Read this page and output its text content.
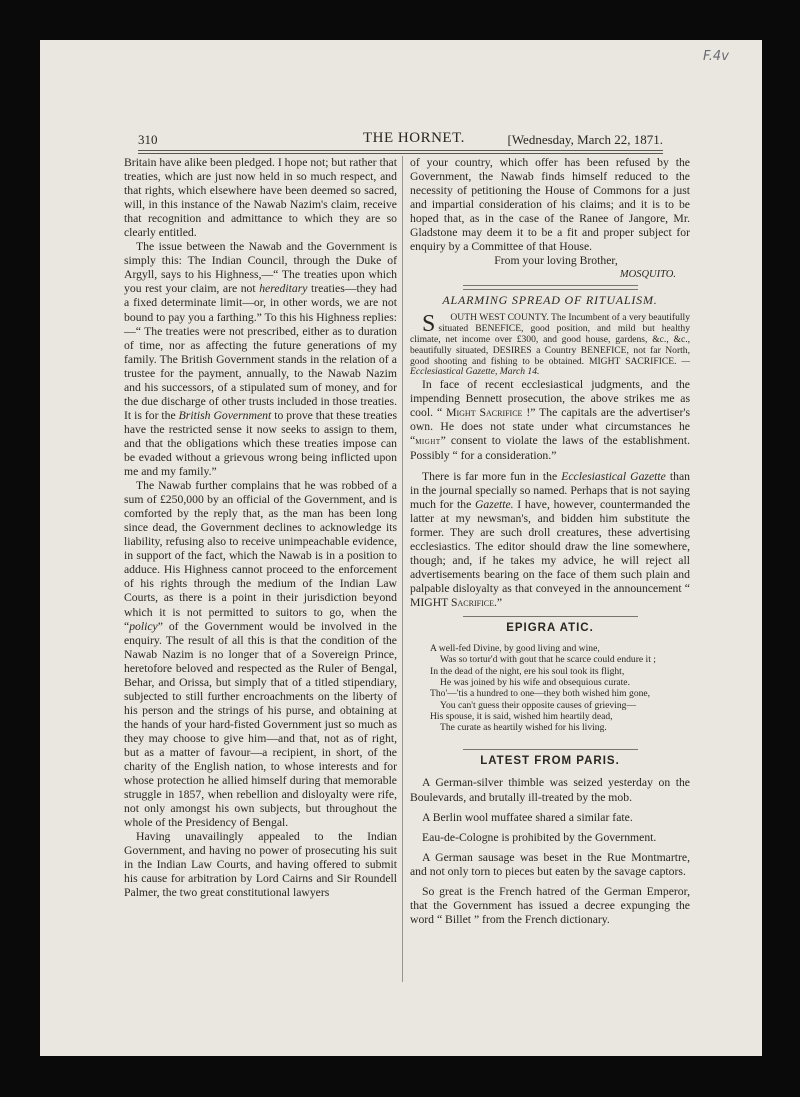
F.4v
310	THE HORNET.	[Wednesday, March 22, 1871.

Britain have alike been pledged. I hope not; but rather that treaties, which are just now held in so much respect, and that rights, which elsewhere have been deemed so sacred, will, in this instance of the Nawab Nazim's claim, receive that recognition and admittance to which they are so clearly entitled.

The issue between the Nawab and the Government is simply this: The Indian Council, through the Duke of Argyll, says to his Highness,—“ The treaties upon which you rest your claim, are not hereditary treaties—they had a fixed determinate limit—or, in other words, we are not bound to pay you a farthing.” To this his Highness replies:—“ The treaties were not prescribed, either as to duration of time, nor as affecting the future generations of my family. The British Government stands in the relation of a trustee for the payment, annually, to the Nawab Nazim and his successors, of a stipulated sum of money, and for the due discharge of other trusts included in those treaties. It is for the British Government to prove that these treaties have the restricted sense it now seeks to assign to them, and that the obligations which these treaties impose can be evaded without a grievous wrong being inflicted upon me and my family.”

The Nawab further complains that he was robbed of a sum of £250,000 by an official of the Government, and is comforted by the reply that, as the man has been long since dead, the Government declines to acknowledge its liability, refusing also to receive unimpeachable evidence, in support of the fact, which the Nawab is in a position to adduce. His Highness cannot proceed to the enforcement of his rights through the medium of the Indian Law Courts, as there is a point in their jurisdiction beyond which it is not permitted to suitors to go, when the “policy” of the Government would be involved in the enquiry. The result of all this is that the condition of the Nawab Nazim is no longer that of a Sovereign Prince, heretofore beloved and respected as the Ruler of Bengal, Behar, and Orissa, but simply that of a titled stipendiary, subjected to still further encroachments on the liberty of his person and the strings of his purse, and obtaining at the hands of your hard-fisted Government just so much as they may choose to give him—and that, not as of right, but as a matter of favour—a recipient, in short, of the charity of the English nation, to whose interests and for whose protection he allied himself during that memorable struggle in 1857, when rebellion and disloyalty were rife, not only amongst his own subjects, but throughout the whole of the Presidency of Bengal.

Having unavailingly appealed to the Indian Government, and having no power of prosecuting his suit in the Indian Law Courts, and having offered to submit his cause for arbitration by Lord Cairns and Sir Roundell Palmer, the two great constitutional lawyers

of your country, which offer has been refused by the Government, the Nawab finds himself reduced to the necessity of petitioning the House of Commons for a just and impartial consideration of his claims; and it is to be hoped that, as in the case of the Ranee of Jangore, Mr. Gladstone may deem it to be a fit and proper subject for enquiry by a Committee of that House.

From your loving Brother,

MOSQUITO.

ALARMING SPREAD OF RITUALISM.

S OUTH WEST COUNTY. The Incumbent of a very beautifully situated BENEFICE, good position, and mild but healthy climate, net income over £300, and good house, gardens, &c., &c., beautifully situated, DESIRES a Country BENEFICE, not far North, good shooting and fishing to be obtained. MIGHT SACRIFICE. —Ecclesiastical Gazette, March 14.

In face of recent ecclesiastical judgments, and the impending Bennett prosecution, the above strikes me as cool. “ Might Sacrifice !” The capitals are the advertiser's own. He does not state under what circumstances he “might” consent to violate the laws of the establishment. Possibly “ for a consideration.”

There is far more fun in the Ecclesiastical Gazette than in the journal specially so named. Perhaps that is not saying much for the Gazette. I have, however, countermanded the latter at my newsman's, and bidden him substitute the former. They are such droll creatures, these advertising ecclesiastics. The editor should draw the line somewhere, though; and, if he takes my advice, he will reject all advertisements bearing on the face of them such plain and palpable disloyalty as that conveyed in the announcement “ MIGHT Sacrifice.”

EPIGRA ATIC.

A well-fed Divine, by good living and wine,

Was so tortur'd with gout that he scarce could endure it ;

In the dead of the night, ere his soul took its flight,

He was joined by his wife and obsequious curate.

Tho'—'tis a hundred to one—they both wished him gone,

You can't guess their opposite causes of grieving—

His spouse, it is said, wished him heartily dead,

The curate as heartily wished for his living.

LATEST FROM PARIS.

A German-silver thimble was seized yesterday on the Boulevards, and brutally ill-treated by the mob.

A Berlin wool muffatee shared a similar fate.

Eau-de-Cologne is prohibited by the Government.

A German sausage was beset in the Rue Montmartre, and not only torn to pieces but eaten by the savage captors.

So great is the French hatred of the German Emperor, that the Government has issued a decree expunging the word “ Billet ” from the French dictionary.
